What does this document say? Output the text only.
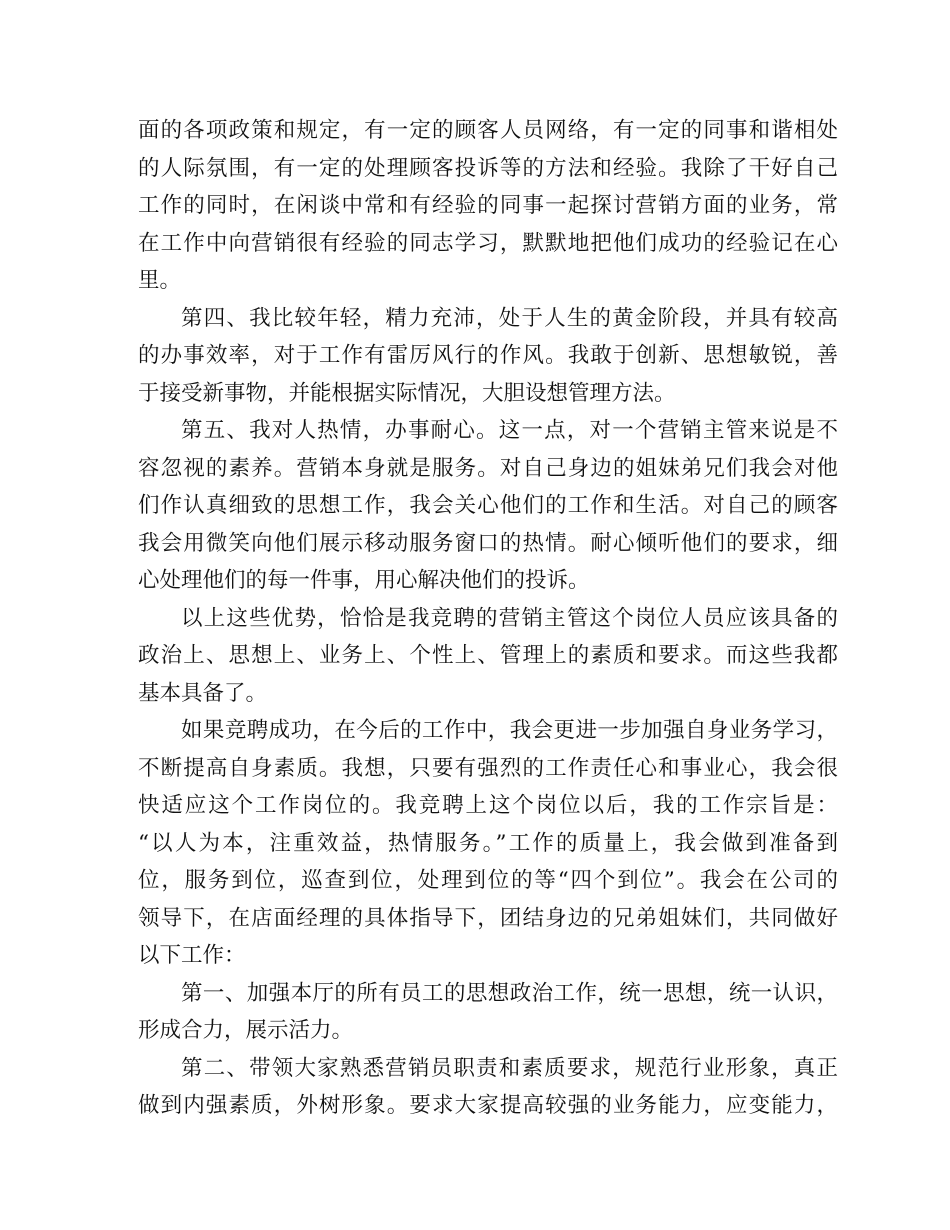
面的各项政策和规定，有一定的顾客人员网络，有一定的同事和谐相处
的人际氛围，有一定的处理顾客投诉等的方法和经验。我除了干好自己
工作的同时，在闲谈中常和有经验的同事一起探讨营销方面的业务，常
在工作中向营销很有经验的同志学习，默默地把他们成功的经验记在心
里。
第四、我比较年轻，精力充沛，处于人生的黄金阶段，并具有较高
的办事效率，对于工作有雷厉风行的作风。我敢于创新、思想敏锐，善
于接受新事物，并能根据实际情况，大胆设想管理方法。
第五、我对人热情，办事耐心。这一点，对一个营销主管来说是不
容忽视的素养。营销本身就是服务。对自己身边的姐妹弟兄们我会对他
们作认真细致的思想工作，我会关心他们的工作和生活。对自己的顾客
我会用微笑向他们展示移动服务窗口的热情。耐心倾听他们的要求，细
心处理他们的每一件事，用心解决他们的投诉。
以上这些优势，恰恰是我竞聘的营销主管这个岗位人员应该具备的
政治上、思想上、业务上、个性上、管理上的素质和要求。而这些我都
基本具备了。
如果竞聘成功，在今后的工作中，我会更进一步加强自身业务学习，
不断提高自身素质。我想，只要有强烈的工作责任心和事业心，我会很
快适应这个工作岗位的。我竞聘上这个岗位以后，我的工作宗旨是：
“以人为本，注重效益，热情服务。”工作的质量上，我会做到准备到
位，服务到位，巡查到位，处理到位的等“四个到位”。我会在公司的
领导下，在店面经理的具体指导下，团结身边的兄弟姐妹们，共同做好
以下工作：
第一、加强本厅的所有员工的思想政治工作，统一思想，统一认识，
形成合力，展示活力。
第二、带领大家熟悉营销员职责和素质要求，规范行业形象，真正
做到内强素质，外树形象。要求大家提高较强的业务能力，应变能力，
